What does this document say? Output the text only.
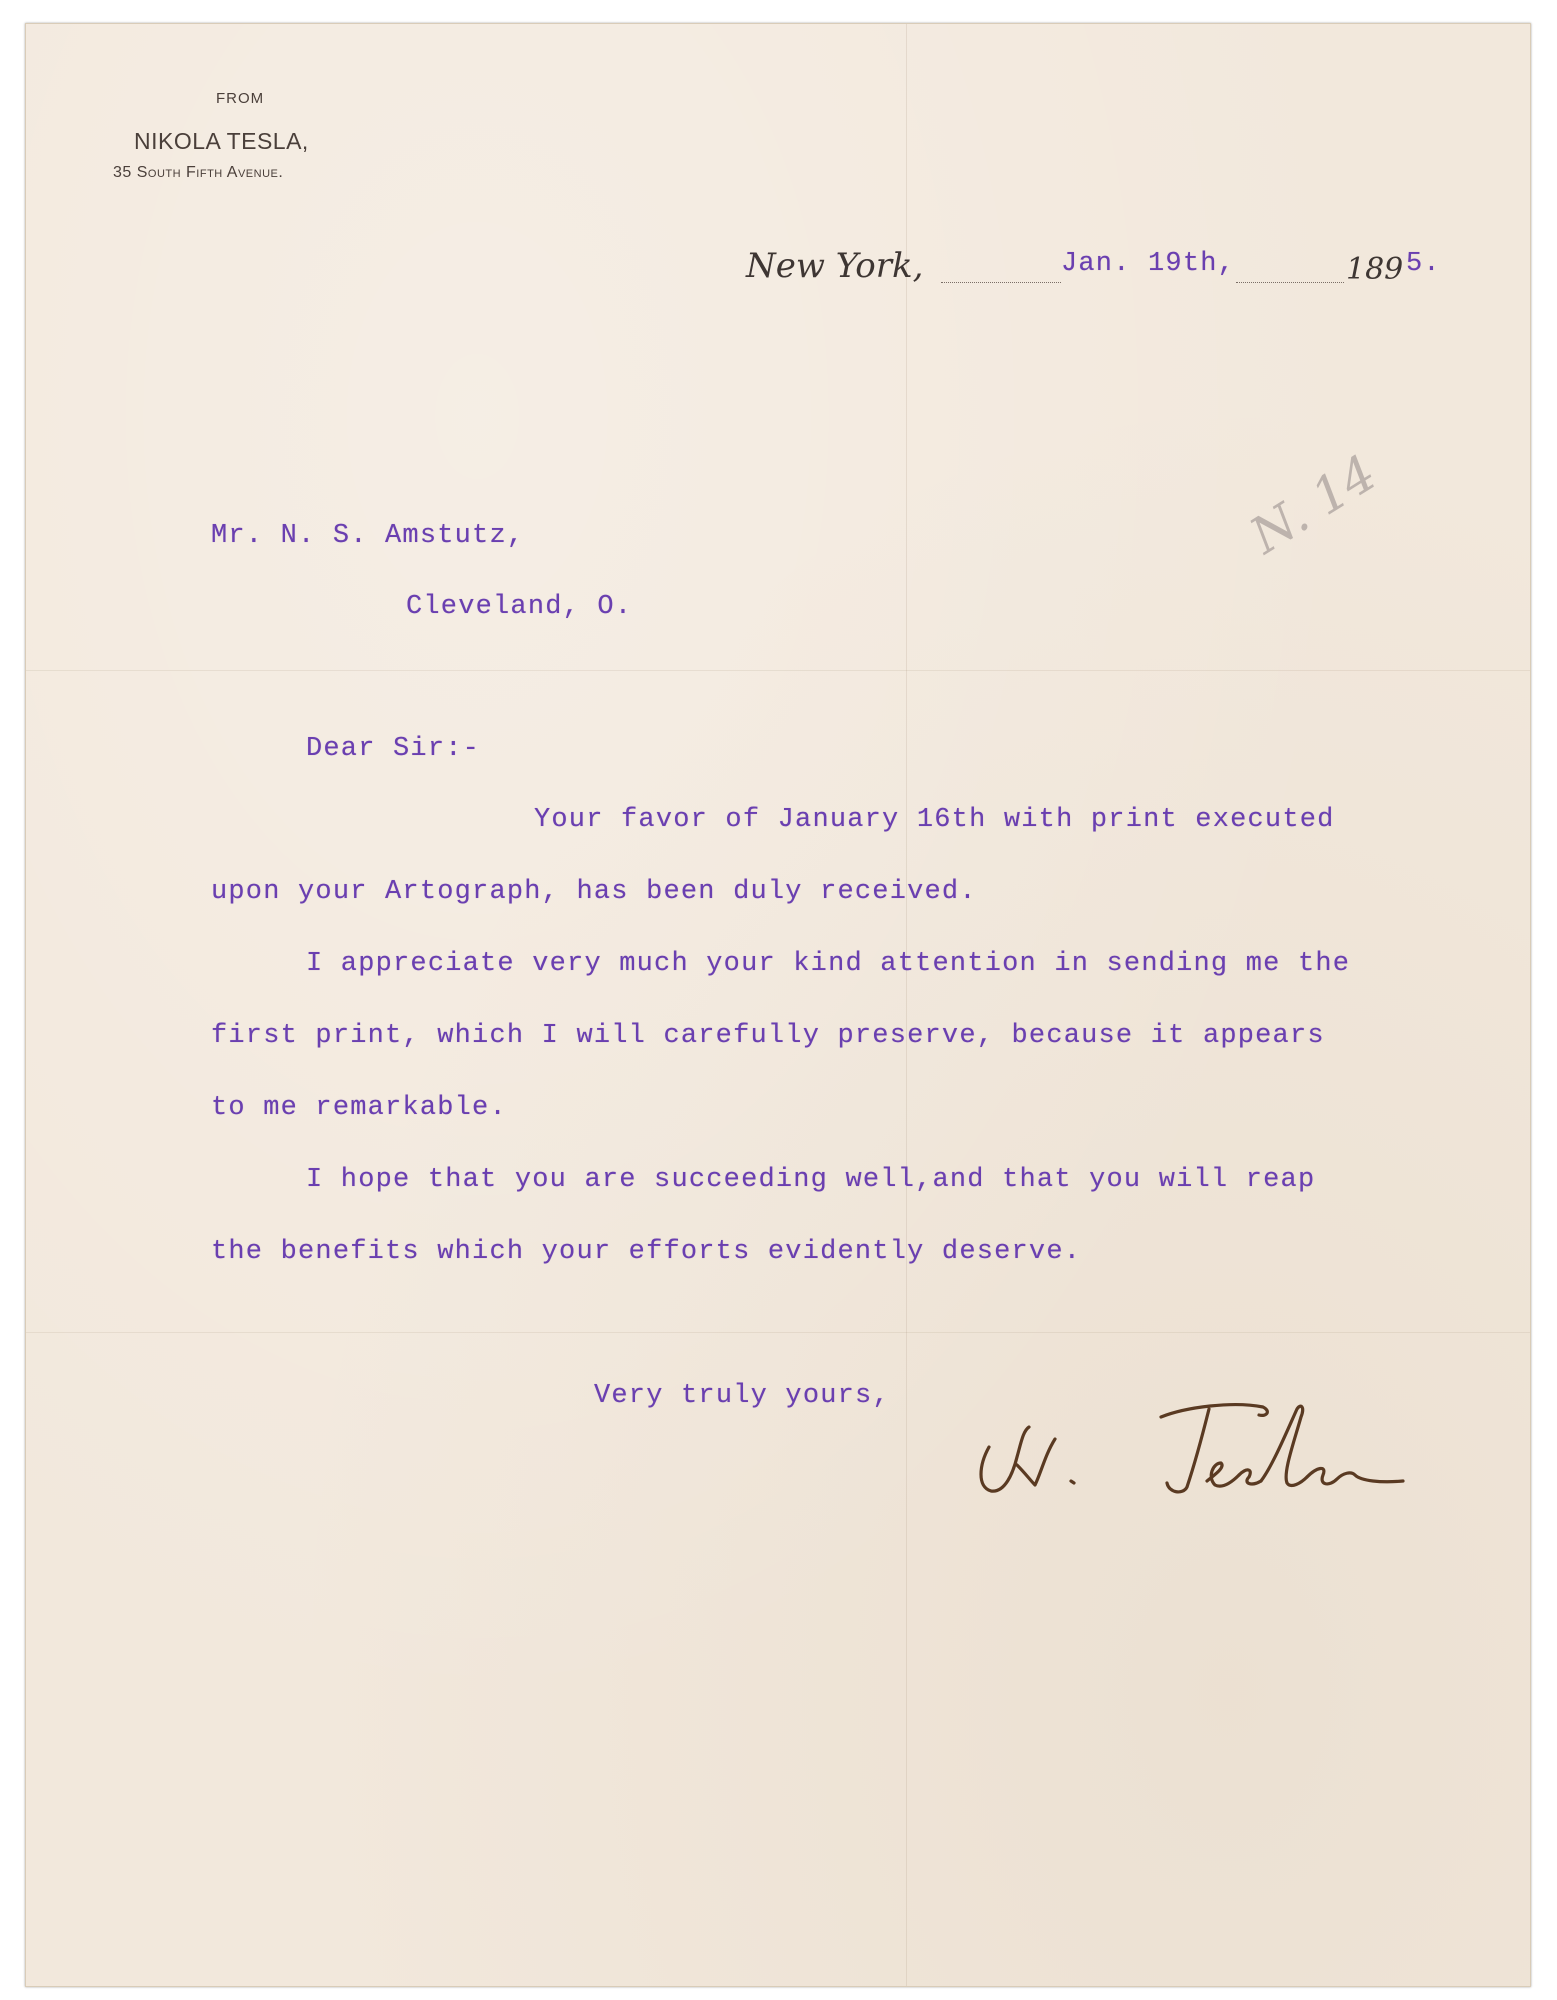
FROM
NIKOLA TESLA,
35 South Fifth Avenue.
New York,	Jan. 19th,	189 5.
N. 14
Mr. N. S. Amstutz,
Cleveland, O.
Dear Sir:-
Your favor of January 16th with print executed
upon your Artograph, has been duly received.
I appreciate very much your kind attention in sending me the
first print, which I will carefully preserve, because it appears
to me remarkable.
I hope that you are succeeding well,and that you will reap
the benefits which your efforts evidently deserve.
Very truly yours,
